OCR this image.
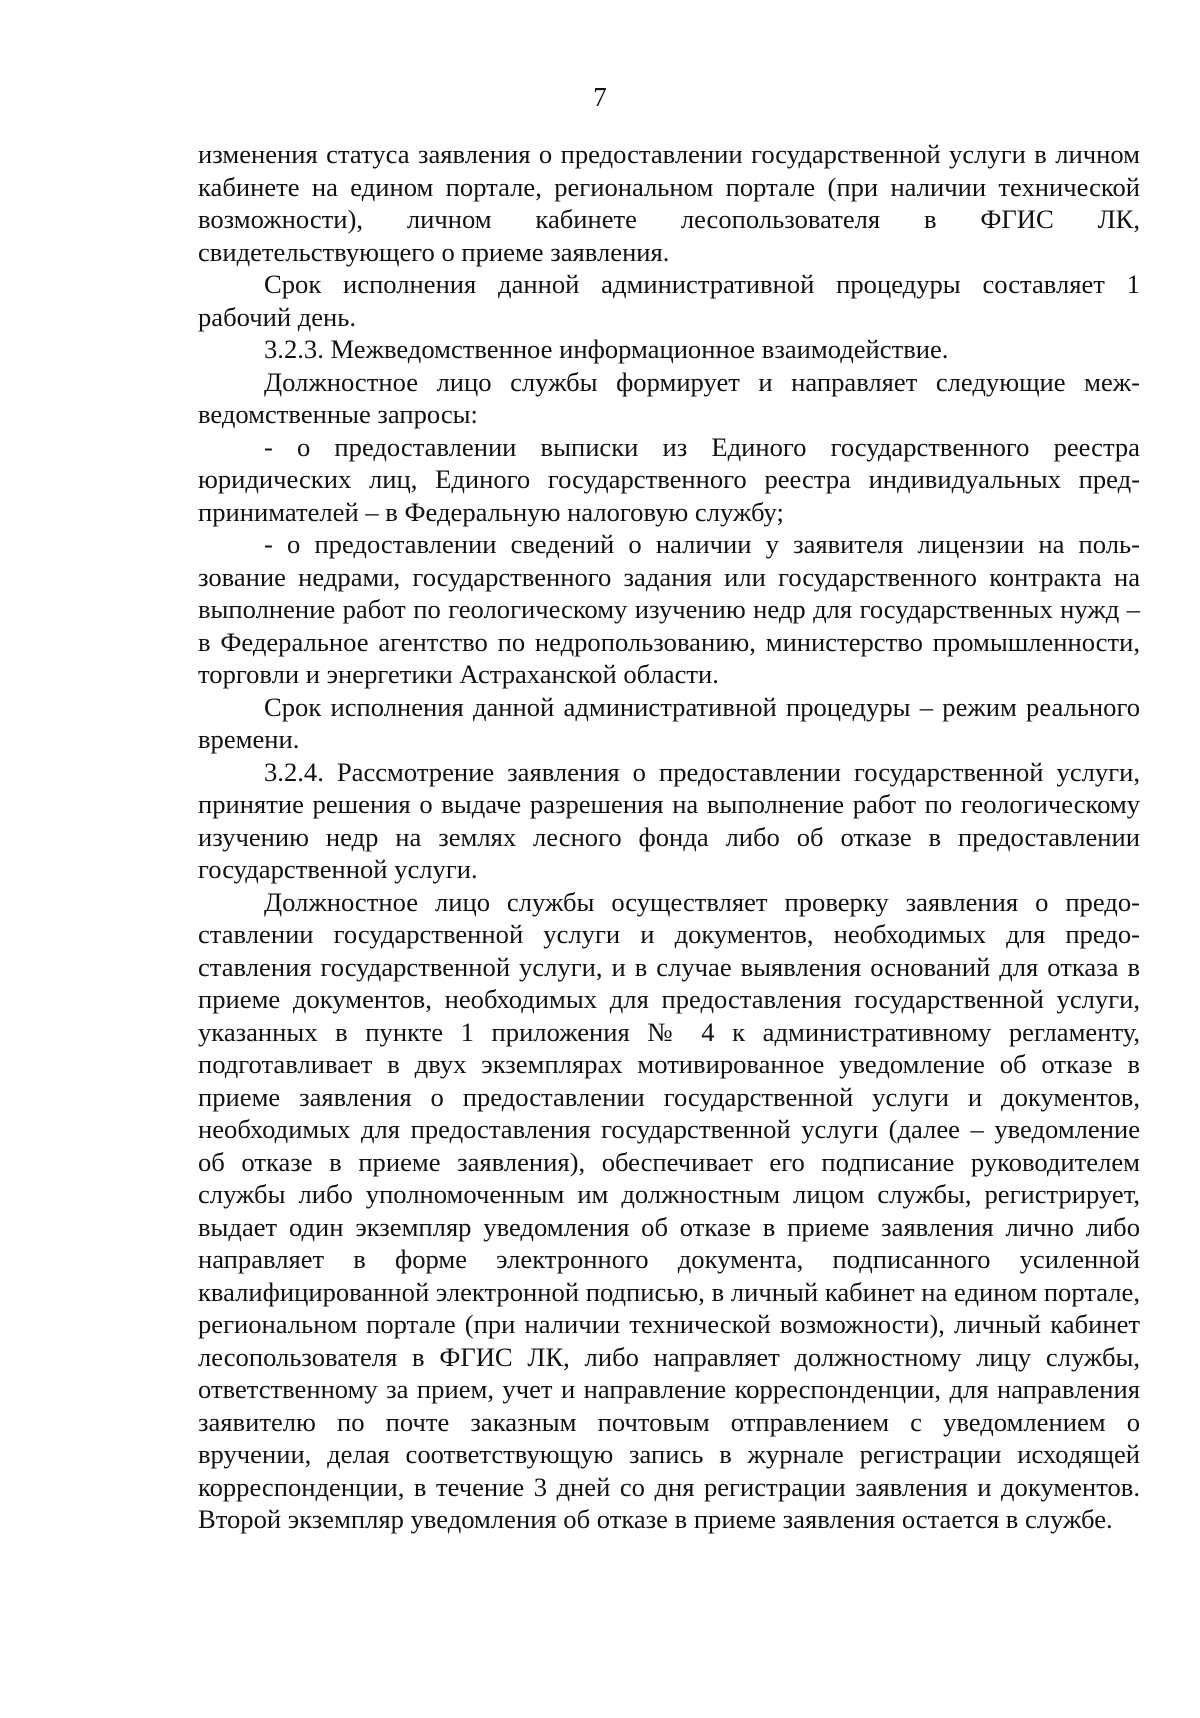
7

изменения статуса заявления о предоставлении государственной услуги в личном кабинете на едином портале, региональном портале (при наличии технической возможности), личном кабинете лесопользователя в ФГИС ЛК, свидетельствующего о приеме заявления.

Срок исполнения данной административной процедуры составляет 1 рабочий день.

3.2.3. Межведомственное информационное взаимодействие.

Должностное лицо службы формирует и направляет следующие межведомственные запросы:

- о предоставлении выписки из Единого государственного реестра юридических лиц, Единого государственного реестра индивидуальных предпринимателей – в Федеральную налоговую службу;

- о предоставлении сведений о наличии у заявителя лицензии на пользование недрами, государственного задания или государственного контракта на выполнение работ по геологическому изучению недр для государственных нужд – в Федеральное агентство по недропользованию, министерство промышленности, торговли и энергетики Астраханской области.

Срок исполнения данной административной процедуры – режим реального времени.

3.2.4. Рассмотрение заявления о предоставлении государственной услуги, принятие решения о выдаче разрешения на выполнение работ по геологическому изучению недр на землях лесного фонда либо об отказе в предоставлении государственной услуги.

Должностное лицо службы осуществляет проверку заявления о предоставлении государственной услуги и документов, необходимых для предоставления государственной услуги, и в случае выявления оснований для отказа в приеме документов, необходимых для предоставления государственной услуги, указанных в пункте 1 приложения № 4 к административному регламенту, подготавливает в двух экземплярах мотивированное уведомление об отказе в приеме заявления о предоставлении государственной услуги и документов, необходимых для предоставления государственной услуги (далее – уведомление об отказе в приеме заявления), обеспечивает его подписание руководителем службы либо уполномоченным им должностным лицом службы, регистрирует, выдает один экземпляр уведомления об отказе в приеме заявления лично либо направляет в форме электронного документа, подписанного усиленной квалифицированной электронной подписью, в личный кабинет на едином портале, региональном портале (при наличии технической возможности), личный кабинет лесопользователя в ФГИС ЛК, либо направляет должностному лицу службы, ответственному за прием, учет и направление корреспонденции, для направления заявителю по почте заказным почтовым отправлением с уведомлением о вручении, делая соответствующую запись в журнале регистрации исходящей корреспонденции, в течение 3 дней со дня регистрации заявления и документов. Второй экземпляр уведомления об отказе в приеме заявления остается в службе.
